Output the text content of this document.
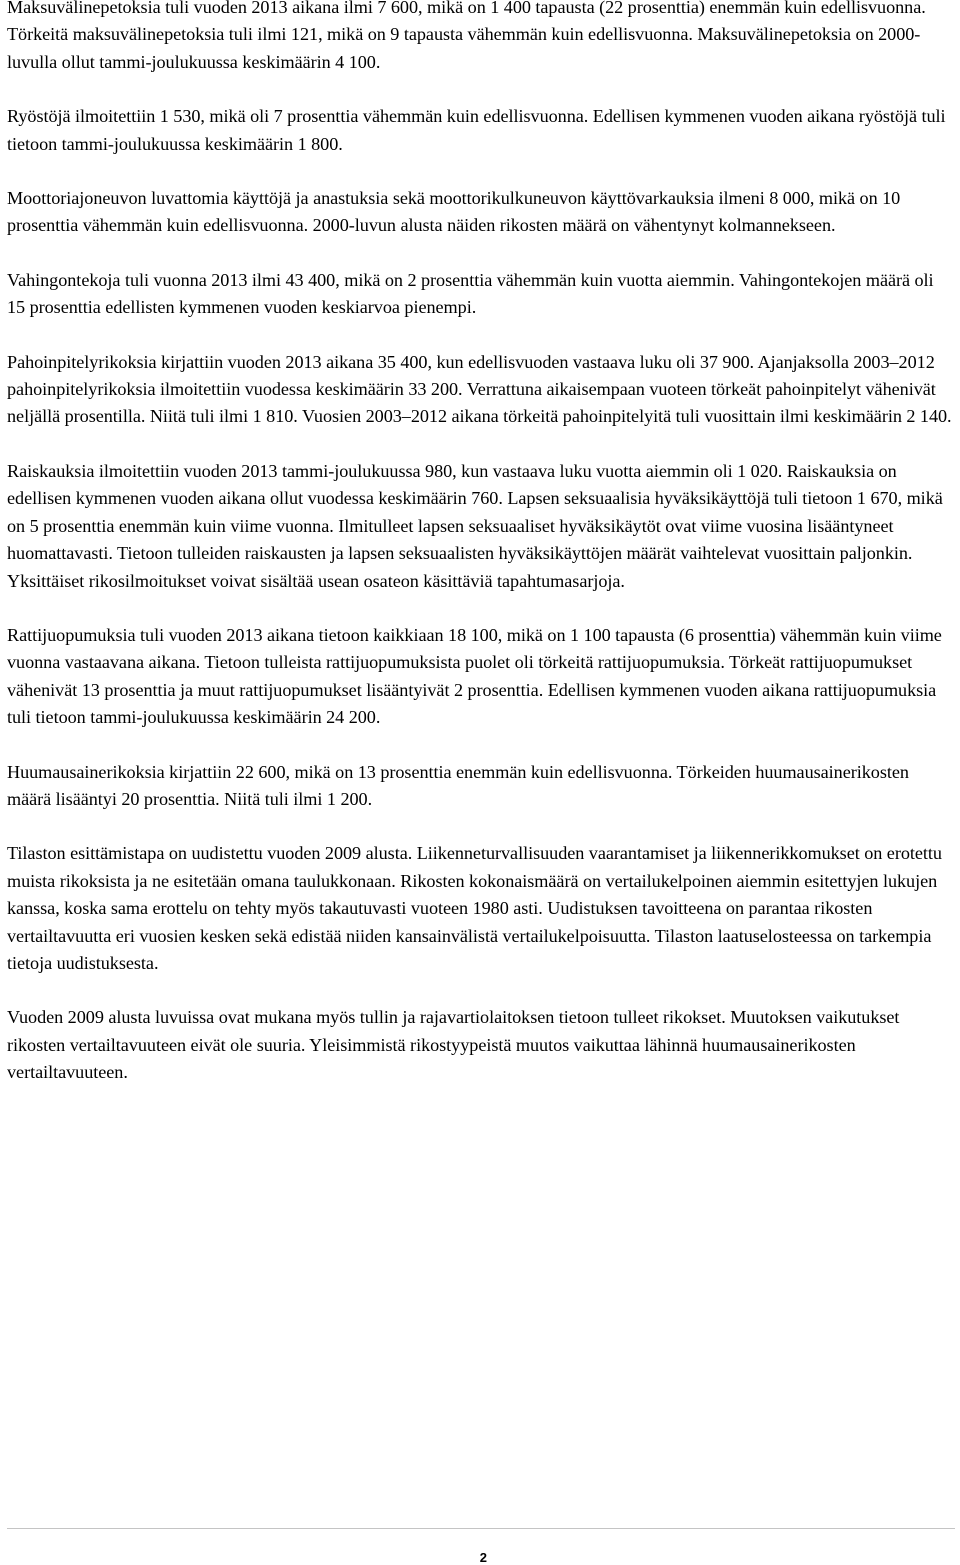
Maksuvälinepetoksia tuli vuoden 2013 aikana ilmi 7 600, mikä on 1 400 tapausta (22 prosenttia) enemmän kuin edellisvuonna. Törkeitä maksuvälinepetoksia tuli ilmi 121, mikä on 9 tapausta vähemmän kuin edellisvuonna. Maksuvälinepetoksia on 2000-luvulla ollut tammi-joulukuussa keskimäärin 4 100.

Ryöstöjä ilmoitettiin 1 530, mikä oli 7 prosenttia vähemmän kuin edellisvuonna. Edellisen kymmenen vuoden aikana ryöstöjä tuli tietoon tammi-joulukuussa keskimäärin 1 800.

Moottoriajoneuvon luvattomia käyttöjä ja anastuksia sekä moottorikulkuneuvon käyttövarkauksia ilmeni 8 000, mikä on 10 prosenttia vähemmän kuin edellisvuonna. 2000-luvun alusta näiden rikosten määrä on vähentynyt kolmannekseen.

Vahingontekoja tuli vuonna 2013 ilmi 43 400, mikä on 2 prosenttia vähemmän kuin vuotta aiemmin. Vahingontekojen määrä oli 15 prosenttia edellisten kymmenen vuoden keskiarvoa pienempi.

Pahoinpitelyrikoksia kirjattiin vuoden 2013 aikana 35 400, kun edellisvuoden vastaava luku oli 37 900. Ajanjaksolla 2003–2012 pahoinpitelyrikoksia ilmoitettiin vuodessa keskimäärin 33 200. Verrattuna aikaisempaan vuoteen törkeät pahoinpitelyt vähenivät neljällä prosentilla. Niitä tuli ilmi 1 810. Vuosien 2003–2012 aikana törkeitä pahoinpitelyitä tuli vuosittain ilmi keskimäärin 2 140.

Raiskauksia ilmoitettiin vuoden 2013 tammi-joulukuussa 980, kun vastaava luku vuotta aiemmin oli 1 020. Raiskauksia on edellisen kymmenen vuoden aikana ollut vuodessa keskimäärin 760. Lapsen seksuaalisia hyväksikäyttöjä tuli tietoon 1 670, mikä on 5 prosenttia enemmän kuin viime vuonna. Ilmitulleet lapsen seksuaaliset hyväksikäytöt ovat viime vuosina lisääntyneet huomattavasti. Tietoon tulleiden raiskausten ja lapsen seksuaalisten hyväksikäyttöjen määrät vaihtelevat vuosittain paljonkin. Yksittäiset rikosilmoitukset voivat sisältää usean osateon käsittäviä tapahtumasarjoja.

Rattijuopumuksia tuli vuoden 2013 aikana tietoon kaikkiaan 18 100, mikä on 1 100 tapausta (6 prosenttia) vähemmän kuin viime vuonna vastaavana aikana. Tietoon tulleista rattijuopumuksista puolet oli törkeitä rattijuopumuksia. Törkeät rattijuopumukset vähenivät 13 prosenttia ja muut rattijuopumukset lisääntyivät 2 prosenttia. Edellisen kymmenen vuoden aikana rattijuopumuksia tuli tietoon tammi-joulukuussa keskimäärin 24 200.

Huumausainerikoksia kirjattiin 22 600, mikä on 13 prosenttia enemmän kuin edellisvuonna. Törkeiden huumausainerikosten määrä lisääntyi 20 prosenttia. Niitä tuli ilmi 1 200.

Tilaston esittämistapa on uudistettu vuoden 2009 alusta. Liikenneturvallisuuden vaarantamiset ja liikennerikkomukset on erotettu muista rikoksista ja ne esitetään omana taulukkonaan. Rikosten kokonaismäärä on vertailukelpoinen aiemmin esitettyjen lukujen kanssa, koska sama erottelu on tehty myös takautuvasti vuoteen 1980 asti. Uudistuksen tavoitteena on parantaa rikosten vertailtavuutta eri vuosien kesken sekä edistää niiden kansainvälistä vertailukelpoisuutta. Tilaston laatuselosteessa on tarkempia tietoja uudistuksesta.

Vuoden 2009 alusta luvuissa ovat mukana myös tullin ja rajavartiolaitoksen tietoon tulleet rikokset. Muutoksen vaikutukset rikosten vertailtavuuteen eivät ole suuria. Yleisimmistä rikostyypeistä muutos vaikuttaa lähinnä huumausainerikosten vertailtavuuteen.

2
